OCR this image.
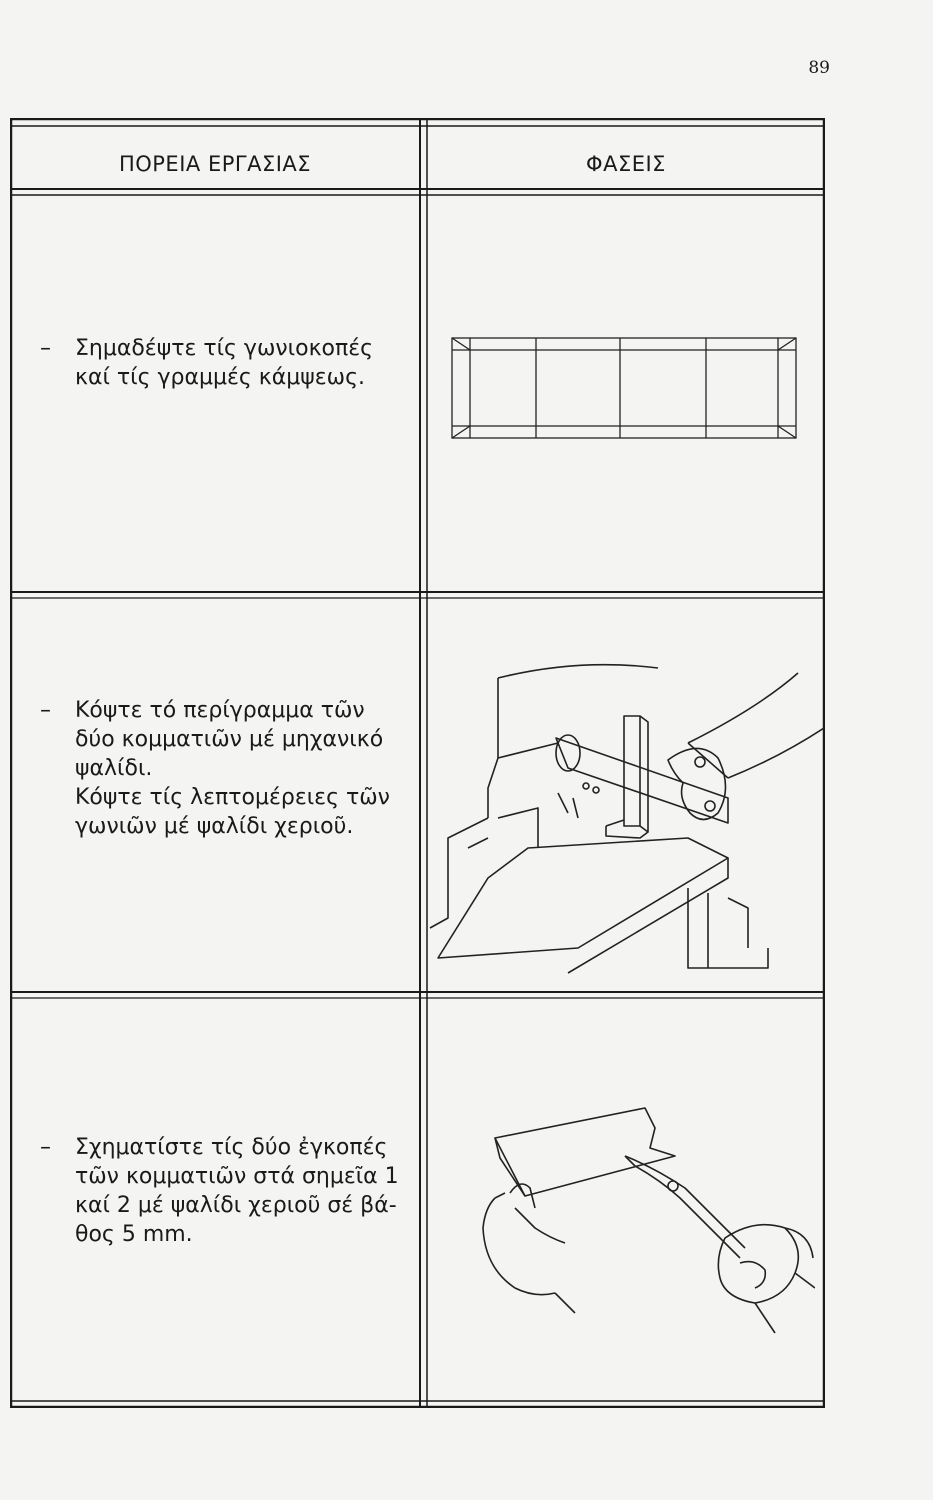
89
ΠΟΡΕΙΑ ΕΡΓΑΣΙΑΣ	ΦΑΣΕΙΣ
– Σημαδέψτε τίς γωνιοκοπές
καί τίς γραμμές κάμψεως.
– Κόψτε τό περίγραμμα τῶν
δύο κομματιῶν μέ μηχανικό
ψαλίδι.
Κόψτε τίς λεπτομέρειες τῶν
γωνιῶν μέ ψαλίδι χεριοῦ.
– Σχηματίστε τίς δύο ἐγκοπές
τῶν κομματιῶν στά σημεῖα 1
καί 2 μέ ψαλίδι χεριοῦ σέ βά-
θος 5 mm.
